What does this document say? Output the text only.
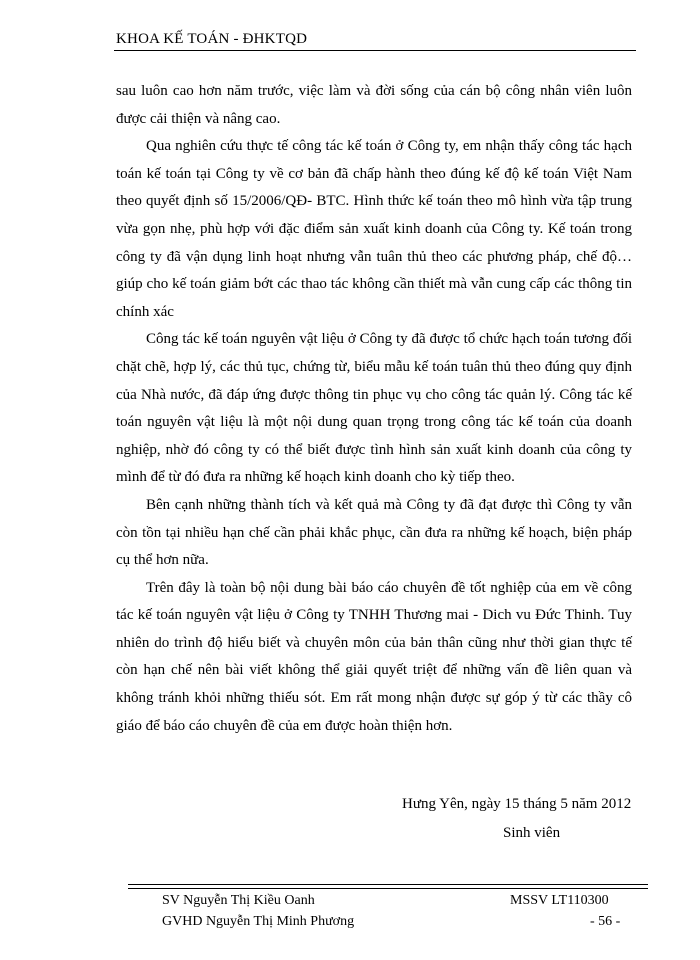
KHOA KẾ TOÁN - ĐHKTQD

sau luôn cao hơn năm trước, việc làm và đời sống của cán bộ công nhân viên luôn được cải thiện và nâng cao.

Qua nghiên cứu thực tế công tác kế toán ở Công ty, em nhận thấy công tác hạch toán kế toán tại Công ty về cơ bản đã chấp hành theo đúng kế độ kế toán Việt Nam theo quyết định số 15/2006/QĐ- BTC. Hình thức kế toán theo mô hình vừa tập trung vừa gọn nhẹ, phù hợp với đặc điểm sản xuất kinh doanh của Công ty. Kế toán trong công ty đã vận dụng linh hoạt nhưng vẫn tuân thủ theo các phương pháp, chế độ… giúp cho kế toán giảm bớt các thao tác không cần thiết mà vẫn cung cấp các thông tin chính xác

Công tác kế toán nguyên vật liệu ở Công ty đã được tổ chức hạch toán tương đối chặt chẽ, hợp lý, các thủ tục, chứng từ, biểu mẫu kế toán tuân thủ theo đúng quy định của Nhà nước, đã đáp ứng được thông tin phục vụ cho công tác quản lý. Công tác kế toán nguyên vật liệu là một nội dung quan trọng trong công tác kế toán của doanh nghiệp, nhờ đó công ty có thể biết được tình hình sản xuất kinh doanh của công ty mình để từ đó đưa ra những kế hoạch kinh doanh cho kỳ tiếp theo.

Bên cạnh những thành tích và kết quả mà Công ty đã đạt được thì Công ty vẫn còn tồn tại nhiều hạn chế cần phải khắc phục, cần đưa ra những kế hoạch, biện pháp cụ thể hơn nữa.

Trên đây là toàn bộ nội dung bài báo cáo chuyên đề tốt nghiệp của em về công tác kế toán nguyên vật liệu ở Công ty TNHH Thương mai - Dich vu Đức Thinh. Tuy nhiên do trình độ hiểu biết và chuyên môn của bản thân cũng như thời gian thực tế còn hạn chế nên bài viết không thể giải quyết triệt để những vấn đề liên quan và không tránh khỏi những thiếu sót. Em rất mong nhận được sự góp ý từ các thầy cô giáo để báo cáo chuyên đề của em được hoàn thiện hơn.

Hưng Yên, ngày 15 tháng 5 năm 2012
Sinh viên
SV Nguyễn Thị Kiều Oanh
GVHD Nguyễn Thị Minh Phương
MSSV LT110300
- 56 -
